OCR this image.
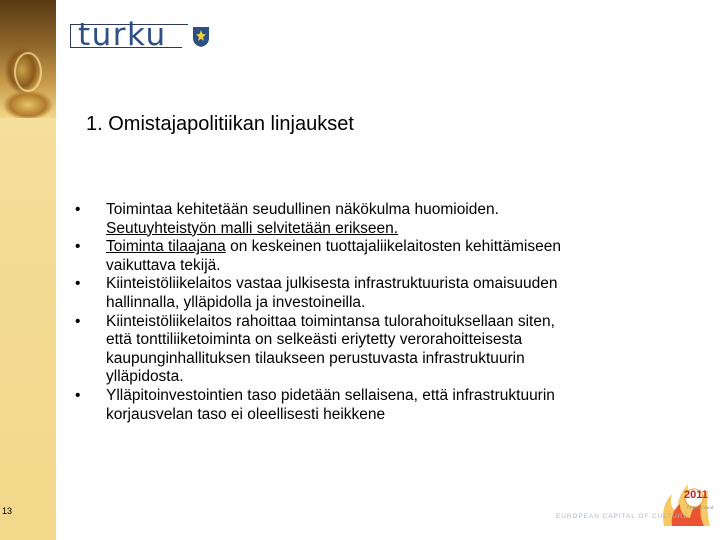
turku
1. Omistajapolitiikan linjaukset
• Toimintaa kehitetään seudullinen näkökulma huomioiden.
Seutuyhteistyön malli selvitetään erikseen.
• Toiminta tilaajana on keskeinen tuottajaliikelaitosten kehittämiseen
vaikuttava tekijä.
• Kiinteistöliikelaitos vastaa julkisesta infrastruktuurista omaisuuden
hallinnalla, ylläpidolla ja investoineilla.
• Kiinteistöliikelaitos rahoittaa toimintansa tulorahoituksellaan siten,
että tonttiliiketoiminta on selkeästi eriytetty verorahoitteisesta
kaupunginhallituksen tilaukseen perustuvasta infrastruktuurin
ylläpidosta.
• Ylläpitoinvestointien taso pidetään sellaisena, että infrastruktuurin
korjausvelan taso ei oleellisesti heikkene
13
2011
Turku Finland
EUROPEAN CAPITAL OF CULTURE
